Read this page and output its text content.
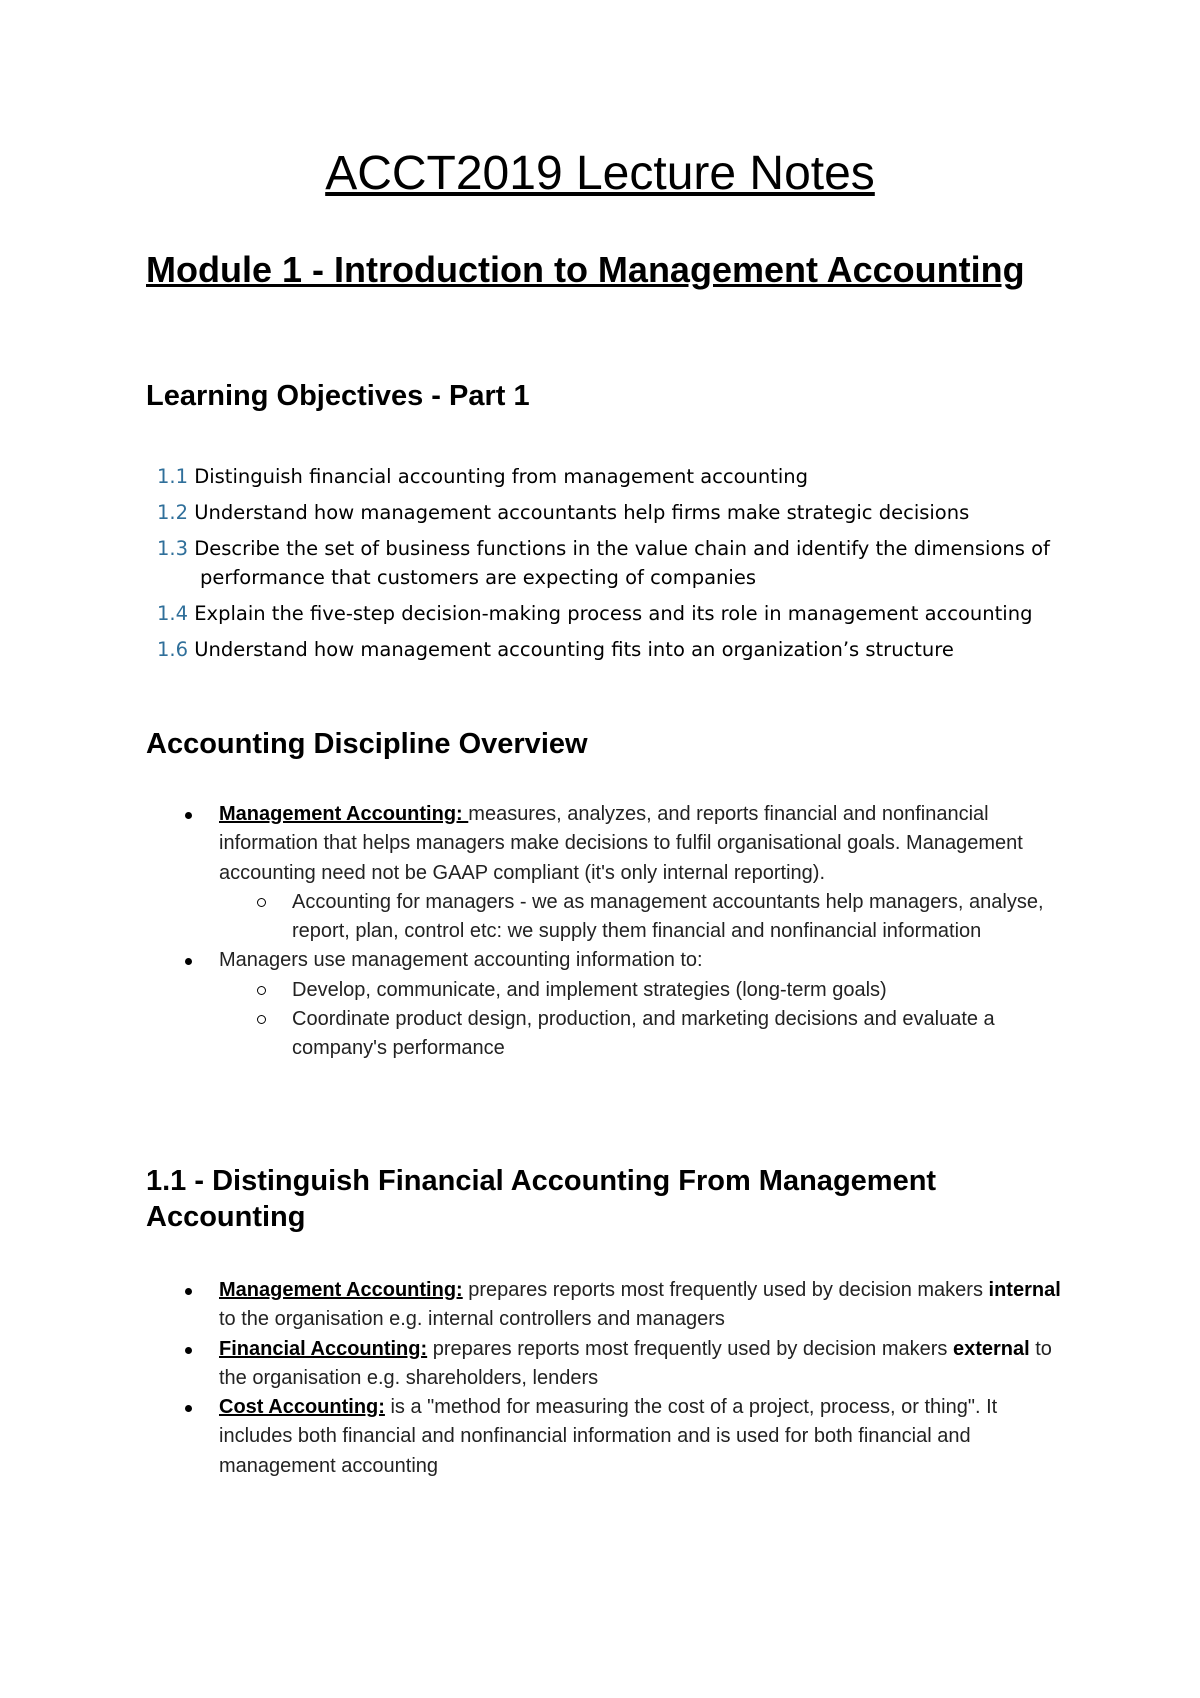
ACCT2019 Lecture Notes
Module 1 - Introduction to Management Accounting
Learning Objectives - Part 1
1.1 Distinguish financial accounting from management accounting
1.2 Understand how management accountants help firms make strategic decisions
1.3 Describe the set of business functions in the value chain and identify the dimensions of performance that customers are expecting of companies
1.4 Explain the five-step decision-making process and its role in management accounting
1.6 Understand how management accounting fits into an organization’s structure
Accounting Discipline Overview
Management Accounting: measures, analyzes, and reports financial and nonfinancial information that helps managers make decisions to fulfil organisational goals. Management accounting need not be GAAP compliant (it's only internal reporting).
Accounting for managers - we as management accountants help managers, analyse, report, plan, control etc: we supply them financial and nonfinancial information
Managers use management accounting information to:
Develop, communicate, and implement strategies (long-term goals)
Coordinate product design, production, and marketing decisions and evaluate a company's performance
1.1 - Distinguish Financial Accounting From Management Accounting
Management Accounting: prepares reports most frequently used by decision makers internal to the organisation e.g. internal controllers and managers
Financial Accounting: prepares reports most frequently used by decision makers external to the organisation e.g. shareholders, lenders
Cost Accounting: is a "method for measuring the cost of a project, process, or thing". It includes both financial and nonfinancial information and is used for both financial and management accounting
